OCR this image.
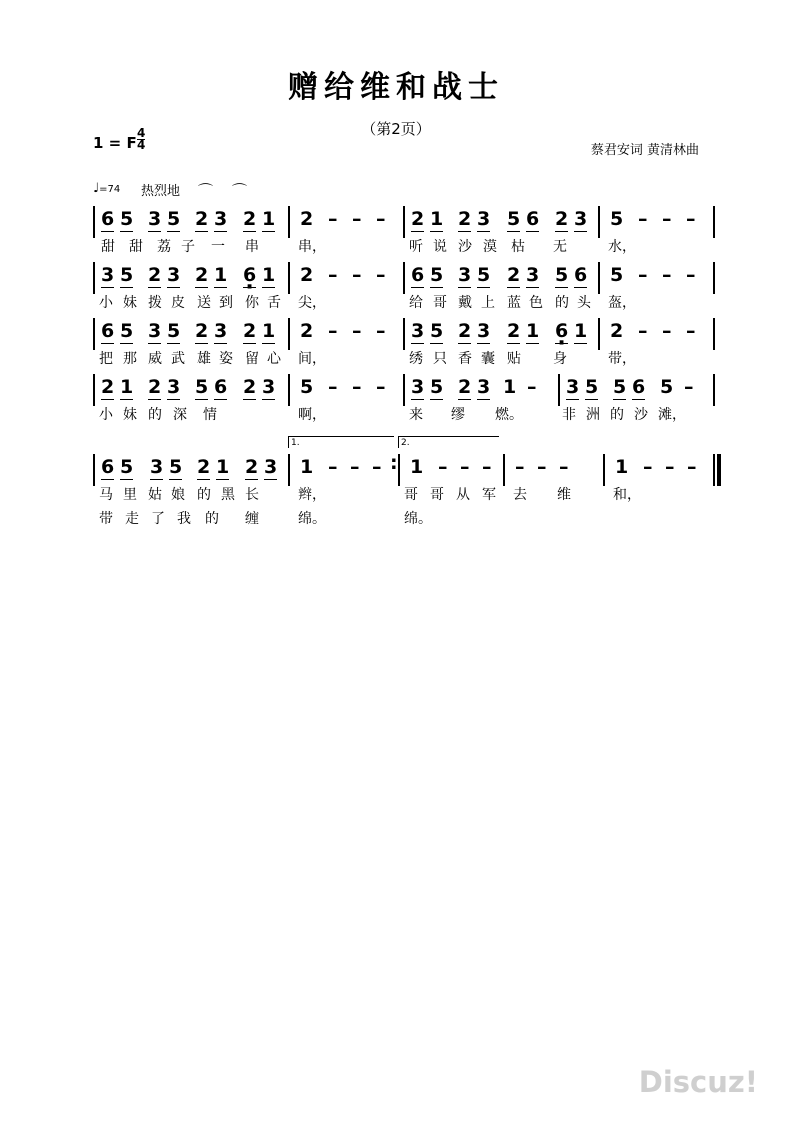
赠给维和战士
（第2页）
1 = F $\frac{4}{4}$	蔡君安词 黄清林曲
♩=74 热烈地 ⌒ ⌒
6 5 3 5 2 3 2 1
甜 甜 荔 子 一 串
2 – – –
串，
2 1 2 3 5 6 2 3
听 说 沙 漠 枯 无
5 – – –
水，
3 5 2 3 2 1 6 · 1
小 妹 拨 皮 送 到 你 舌
2 – – –
尖，
6 5 3 5 2 3 5 6
给 哥 戴 上 蓝 色 的 头
5 – – –
盔，
6 5 3 5 2 3 2 1
把 那 威 武 雄 姿 留 心
2 – – –
间，
3 5 2 3 2 1 6 · 1
绣 只 香 囊 贴 身
2 – – –
带，
2 1 2 3 5 6 2 3
小 妹 的 深 情
5 – – –
啊，
3 5 2 3 1 –
来 缪 燃。
3 5 5 6 5 –
非 洲 的 沙 滩，
6 5 3 5 2 1 2 3
马 里 姑 娘 的 黑 长
带 走 了 我 的 缠
1 – – –
辫，
绵。
1.
1 – – –
哥 哥 从 军
绵。
2.
– – –
去 维
1 – – –
和，
:
Discuz!
